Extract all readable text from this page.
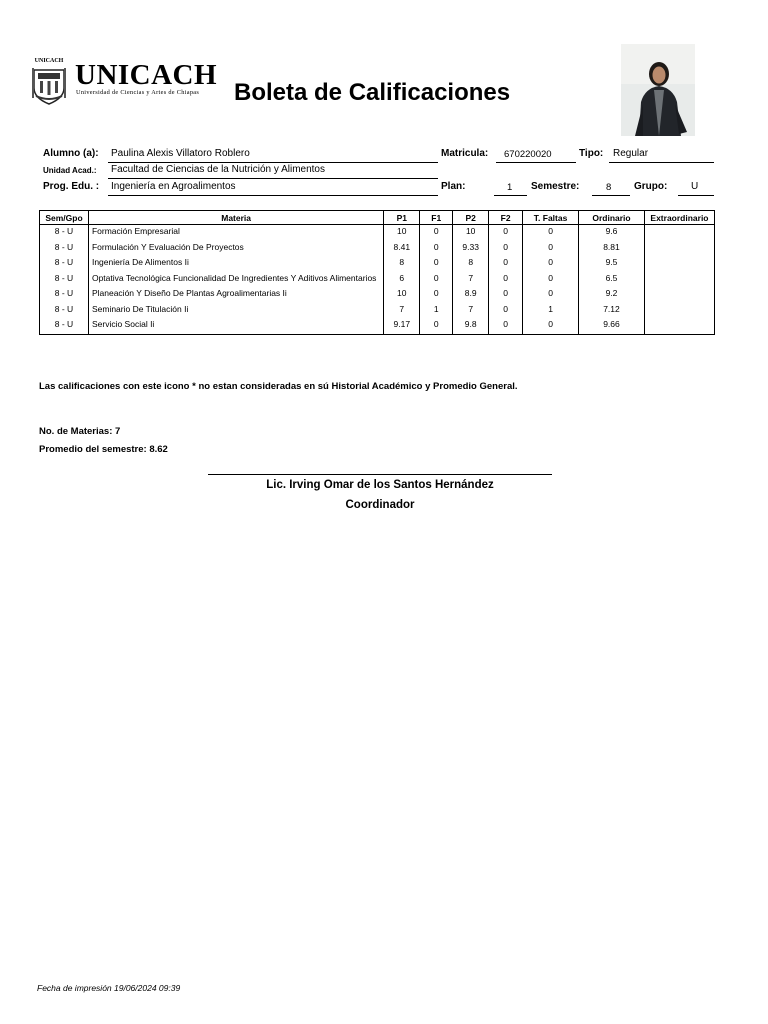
UNICACH UNICACH
Universidad de Ciencias y Artes de Chiapas Boleta de Calificaciones
Alumno (a): Paulina Alexis Villatoro Roblero	Matricula: 670220020	Tipo: Regular
Unidad Acad.: Facultad de Ciencias de la Nutrición y Alimentos
Prog. Edu. : Ingeniería en Agroalimentos	Plan:	1 Semestre:	8 Grupo: U
Sem/Gpo	Materia	P1	F1	P2	F2	T. Faltas	Ordinario	Extraordinario
8 - U	Formación Empresarial	10	0	10	0	0	9.6	
8 - U	Formulación Y Evaluación De Proyectos	8.41	0	9.33	0	0	8.81	
8 - U	Ingeniería De Alimentos Ii	8	0	8	0	0	9.5	
8 - U	Optativa Tecnológica Funcionalidad De Ingredientes Y Aditivos Alimentarios	6	0	7	0	0	6.5	
8 - U	Planeación Y Diseño De Plantas Agroalimentarias Ii	10	0	8.9	0	0	9.2	
8 - U	Seminario De Titulación Ii	7	1	7	0	1	7.12	
8 - U	Servicio Social Ii	9.17	0	9.8	0	0	9.66	
Las calificaciones con este icono * no estan consideradas en sú Historial Académico y Promedio General.
No. de Materias: 7
Promedio del semestre: 8.62
Lic. Irving Omar de los Santos Hernández
Coordinador
Fecha de impresión 19/06/2024 09:39
